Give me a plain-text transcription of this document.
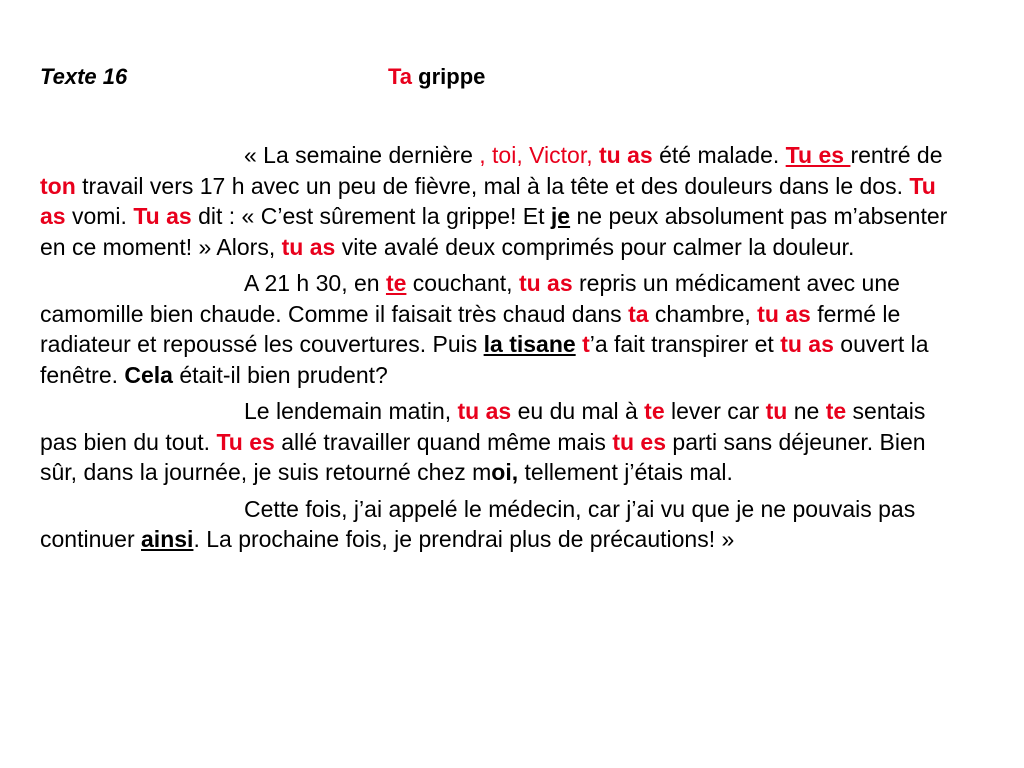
Texte 16	Ta grippe

« La semaine dernière , toi, Victor, tu as été malade. Tu es rentré de ton travail vers 17 h avec un peu de fièvre, mal à la tête et des douleurs dans le dos. Tu as vomi. Tu as dit : « C’est sûrement la grippe! Et je ne peux absolument pas m’absenter en ce moment! » Alors, tu as vite avalé deux comprimés pour calmer la douleur.

A 21 h 30, en te couchant, tu as repris un médicament avec une camomille bien chaude. Comme il faisait très chaud dans ta chambre, tu as fermé le radiateur et repoussé les couvertures. Puis la tisane t’a fait transpirer et tu as ouvert la fenêtre. Cela était-il bien prudent?

Le lendemain matin, tu as eu du mal à te lever car tu ne te sentais pas bien du tout. Tu es allé travailler quand même mais tu es parti sans déjeuner. Bien sûr, dans la journée, je suis retourné chez moi, tellement j’étais mal.

Cette fois, j’ai appelé le médecin, car j’ai vu que je ne pouvais pas continuer ainsi. La prochaine fois, je prendrai plus de précautions! »
